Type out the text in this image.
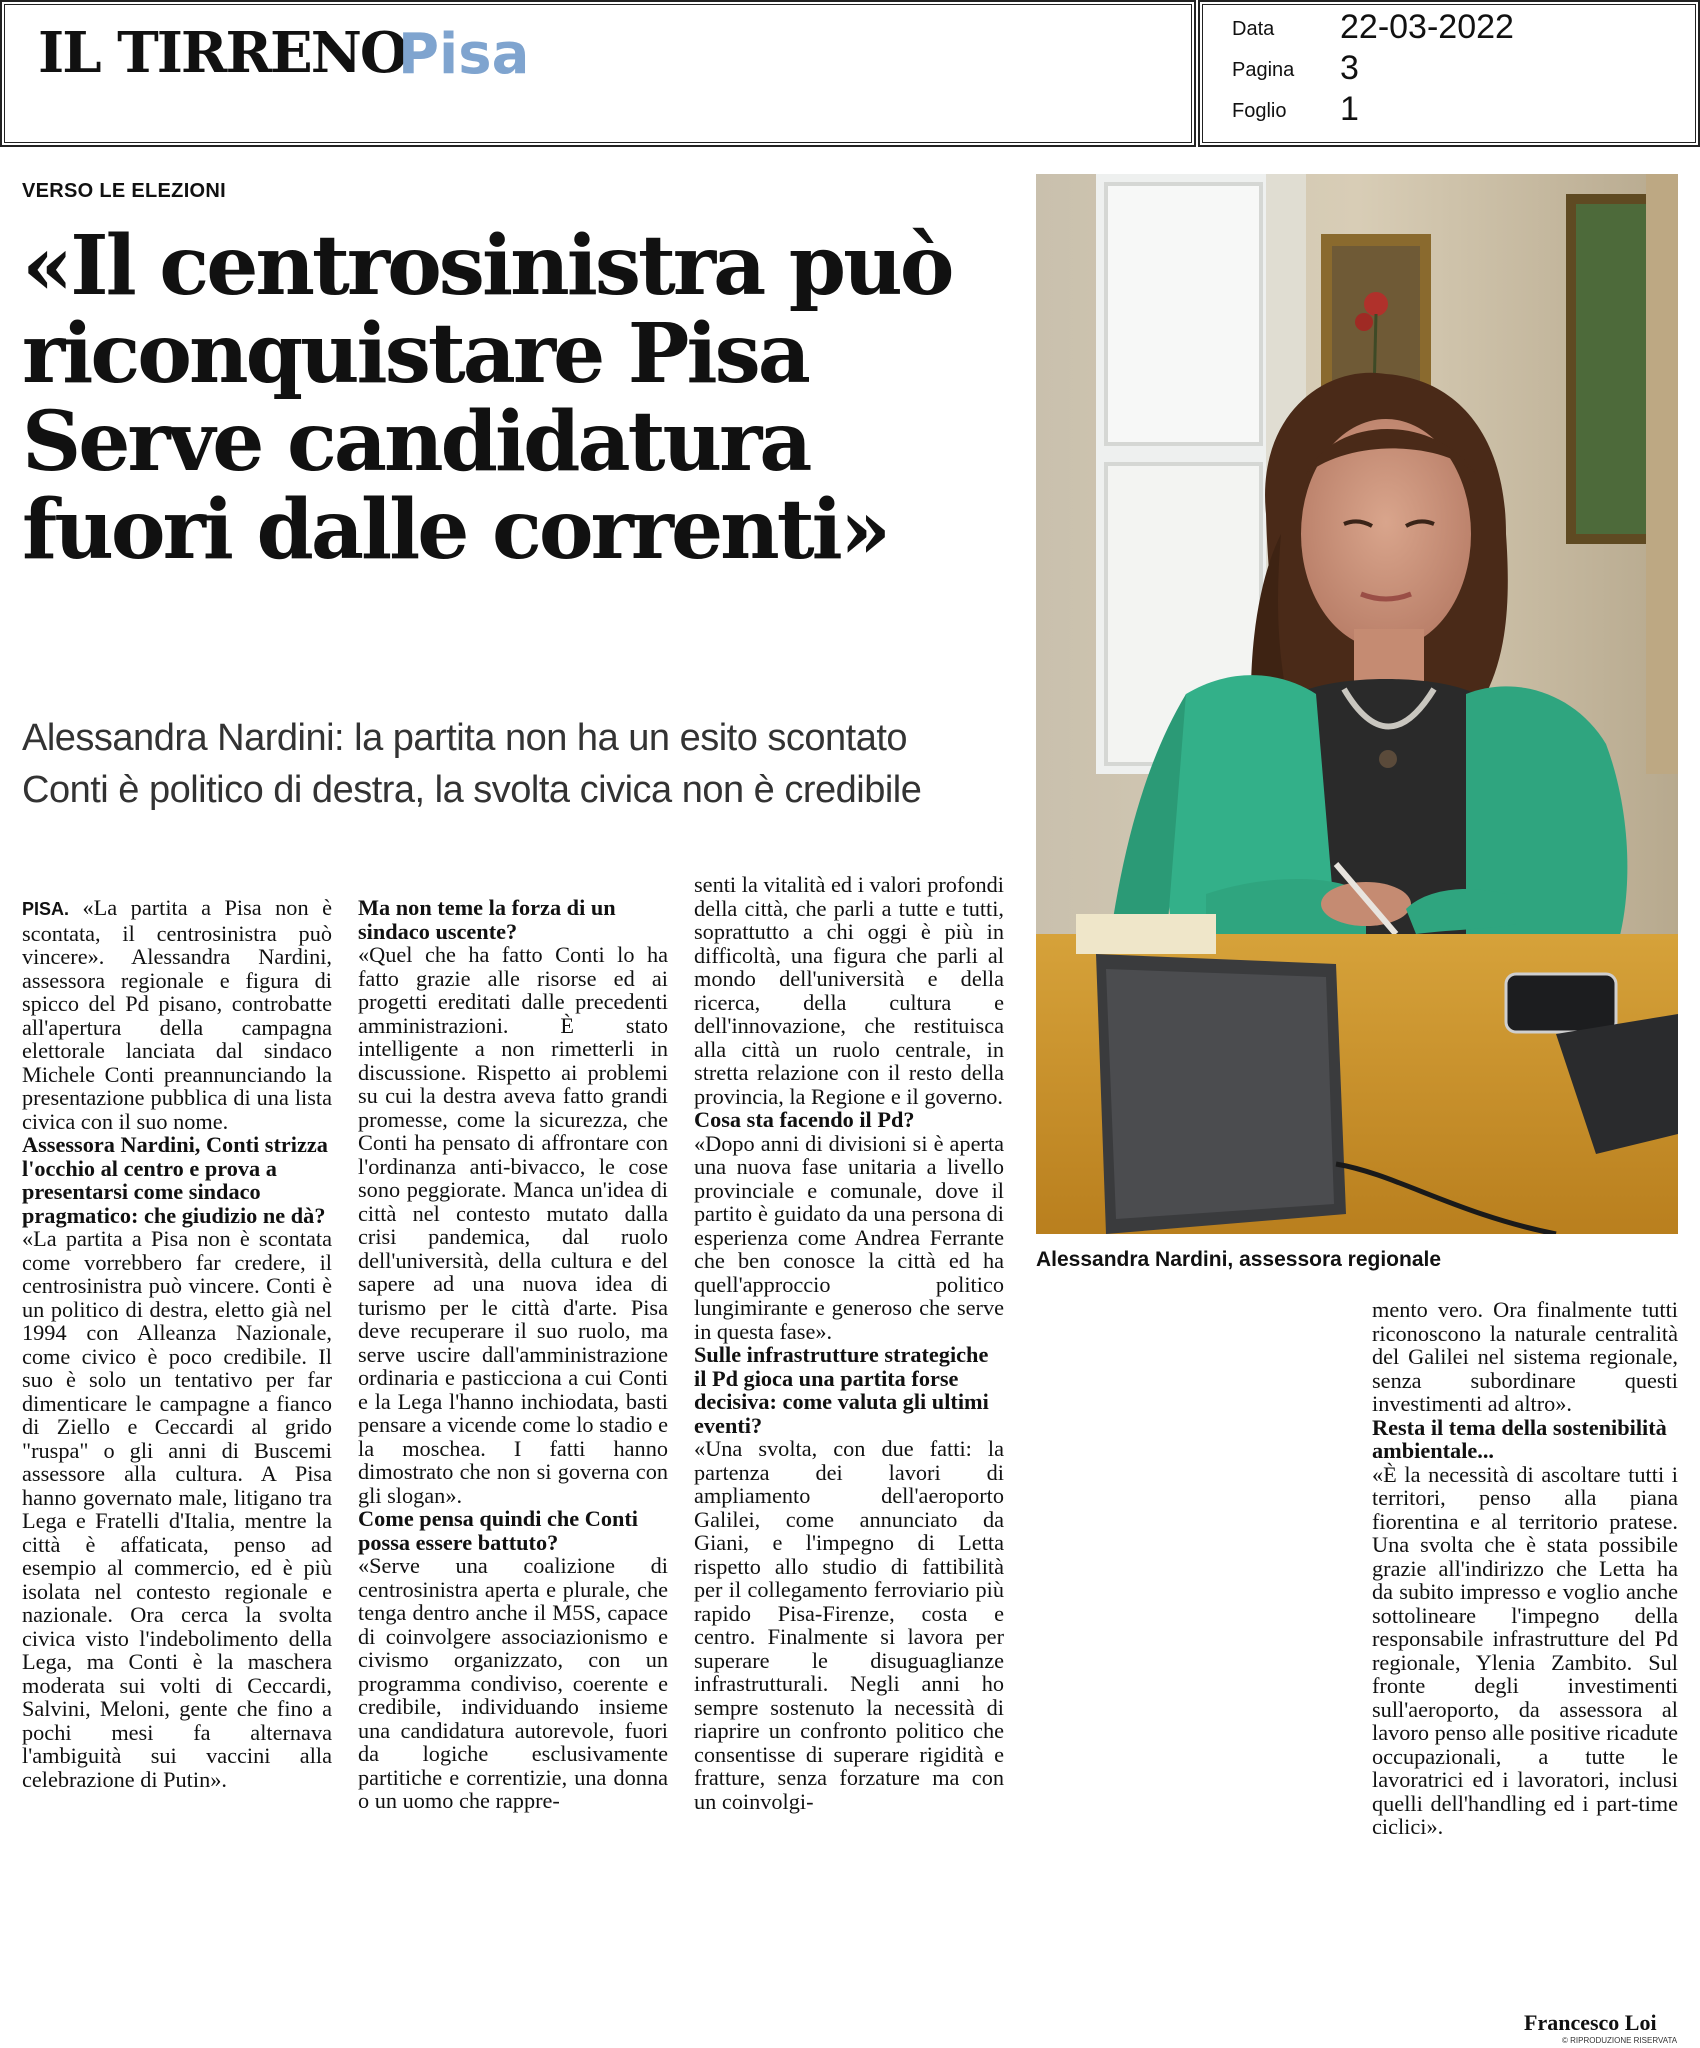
IL TIRRENO
Pisa	Data 22-03-2022
Pagina 3
Foglio 1
VERSO LE ELEZIONI
«Il centrosinistra può
riconquistare Pisa
Serve candidatura
fuori dalle correnti»
Alessandra Nardini: la partita non ha un esito scontato
Conti è politico di destra, la svolta civica non è credibile
Alessandra Nardini, assessora regionale

PISA. «La partita a Pisa non è scontata, il centrosinistra può vincere». Alessandra Nardini, assessora regionale e figura di spicco del Pd pisano, controbatte all'apertura della campagna elettorale lanciata dal sindaco Michele Conti preannunciando la presentazione pubblica di una lista civica con il suo nome.

Assessora Nardini, Conti strizza l'occhio al centro e prova a presentarsi come sindaco pragmatico: che giudizio ne dà?

«La partita a Pisa non è scontata come vorrebbero far credere, il centrosinistra può vincere. Conti è un politico di destra, eletto già nel 1994 con Alleanza Nazionale, come civico è poco credibile. Il suo è solo un tentativo per far dimenticare le campagne a fianco di Ziello e Ceccardi al grido "ruspa" o gli anni di Buscemi assessore alla cultura. A Pisa hanno governato male, litigano tra Lega e Fratelli d'Italia, mentre la città è affaticata, penso ad esempio al commercio, ed è più isolata nel contesto regionale e nazionale. Ora cerca la svolta civica visto l'indebolimento della Lega, ma Conti è la maschera moderata sui volti di Ceccardi, Salvini, Meloni, gente che fino a pochi mesi fa alternava l'ambiguità sui vaccini alla celebrazione di Putin».

Ma non teme la forza di un sindaco uscente?

«Quel che ha fatto Conti lo ha fatto grazie alle risorse ed ai progetti ereditati dalle precedenti amministrazioni. È stato intelligente a non rimetterli in discussione. Rispetto ai problemi su cui la destra aveva fatto grandi promesse, come la sicurezza, che Conti ha pensato di affrontare con l'ordinanza anti-bivacco, le cose sono peggiorate. Manca un'idea di città nel contesto mutato dalla crisi pandemica, dal ruolo dell'università, della cultura e del sapere ad una nuova idea di turismo per le città d'arte. Pisa deve recuperare il suo ruolo, ma serve uscire dall'amministrazione ordinaria e pasticciona a cui Conti e la Lega l'hanno inchiodata, basti pensare a vicende come lo stadio e la moschea. I fatti hanno dimostrato che non si governa con gli slogan».

Come pensa quindi che Conti possa essere battuto?

«Serve una coalizione di centrosinistra aperta e plurale, che tenga dentro anche il M5S, capace di coinvolgere associazionismo e civismo organizzato, con un programma condiviso, coerente e credibile, individuando insieme una candidatura autorevole, fuori da logiche esclusivamente partitiche e correntizie, una donna o un uomo che rappre-

senti la vitalità ed i valori profondi della città, che parli a tutte e tutti, soprattutto a chi oggi è più in difficoltà, una figura che parli al mondo dell'università e della ricerca, della cultura e dell'innovazione, che restituisca alla città un ruolo centrale, in stretta relazione con il resto della provincia, la Regione e il governo.

Cosa sta facendo il Pd?

«Dopo anni di divisioni si è aperta una nuova fase unitaria a livello provinciale e comunale, dove il partito è guidato da una persona di esperienza come Andrea Ferrante che ben conosce la città ed ha quell'approccio politico lungimirante e generoso che serve in questa fase».

Sulle infrastrutture strategiche il Pd gioca una partita forse decisiva: come valuta gli ultimi eventi?

«Una svolta, con due fatti: la partenza dei lavori di ampliamento dell'aeroporto Galilei, come annunciato da Giani, e l'impegno di Letta rispetto allo studio di fattibilità per il collegamento ferroviario più rapido Pisa-Firenze, costa e centro. Finalmente si lavora per superare le disuguaglianze infrastrutturali. Negli anni ho sempre sostenuto la necessità di riaprire un confronto politico che consentisse di superare rigidità e fratture, senza forzature ma con un coinvolgi-

mento vero. Ora finalmente tutti riconoscono la naturale centralità del Galilei nel sistema regionale, senza subordinare questi investimenti ad altro».

Resta il tema della sostenibilità ambientale...

«È la necessità di ascoltare tutti i territori, penso alla piana fiorentina e al territorio pratese. Una svolta che è stata possibile grazie all'indirizzo che Letta ha da subito impresso e voglio anche sottolineare l'impegno della responsabile infrastrutture del Pd regionale, Ylenia Zambito. Sul fronte degli investimenti sull'aeroporto, da assessora al lavoro penso alle positive ricadute occupazionali, a tutte le lavoratrici ed i lavoratori, inclusi quelli dell'handling ed i part-time ciclici».

Francesco Loi
© RIPRODUZIONE RISERVATA
